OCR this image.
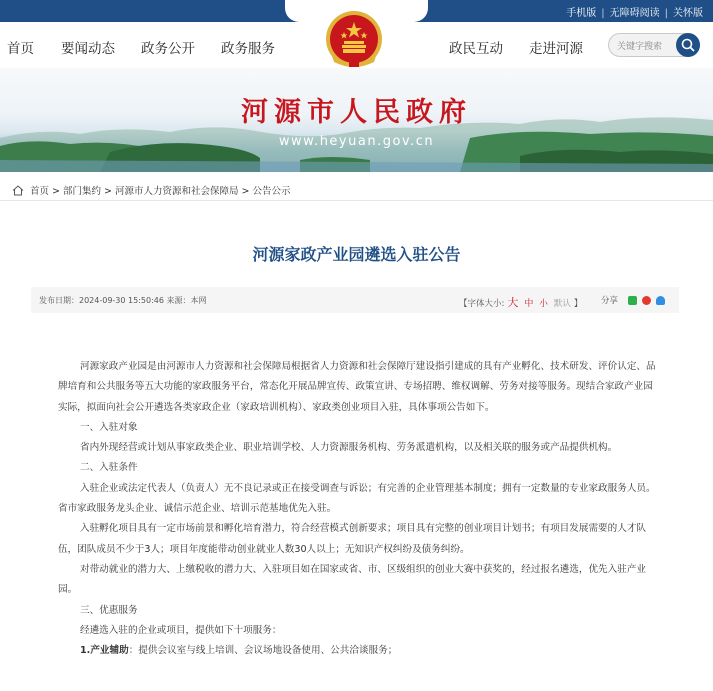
手机版 | 无障碍阅读 | 关怀版
首页 要闻动态 政务公开 政务服务	政民互动 走进河源	关键字搜索
河源市人民政府
www.heyuan.gov.cn
首页 > 部门集约 > 河源市人力资源和社会保障局 > 公告公示
河源家政产业园遴选入驻公告
发布日期：2024-09-30 15:50:46 来源：本网	【字体大小: 大 中 小 默认 】 分享

河源家政产业园是由河源市人力资源和社会保障局根据省人力资源和社会保障厅建设指引建成的具有产业孵化、技术研发、评价认定、品牌培育和公共服务等五大功能的家政服务平台，常态化开展品牌宣传、政策宣讲、专场招聘、维权调解、劳务对接等服务。现结合家政产业园实际，拟面向社会公开遴选各类家政企业（家政培训机构）、家政类创业项目入驻，具体事项公告如下。

一、入驻对象

省内外现经营或计划从事家政类企业、职业培训学校、人力资源服务机构、劳务派遣机构，以及相关联的服务或产品提供机构。

二、入驻条件

入驻企业或法定代表人（负责人）无不良记录或正在接受调查与诉讼；有完善的企业管理基本制度；拥有一定数量的专业家政服务人员。省市家政服务龙头企业、诚信示范企业、培训示范基地优先入驻。

入驻孵化项目具有一定市场前景和孵化培育潜力，符合经营模式创新要求；项目具有完整的创业项目计划书；有项目发展需要的人才队伍，团队成员不少于3人；项目年度能带动创业就业人数30人以上；无知识产权纠纷及债务纠纷。

对带动就业的潜力大、上缴税收的潜力大、入驻项目如在国家或省、市、区级组织的创业大赛中获奖的，经过报名遴选，优先入驻产业园。

三、优惠服务

经遴选入驻的企业或项目，提供如下十项服务：

1.产业辅助：提供会议室与线上培训、会议场地设备使用、公共洽谈服务；
